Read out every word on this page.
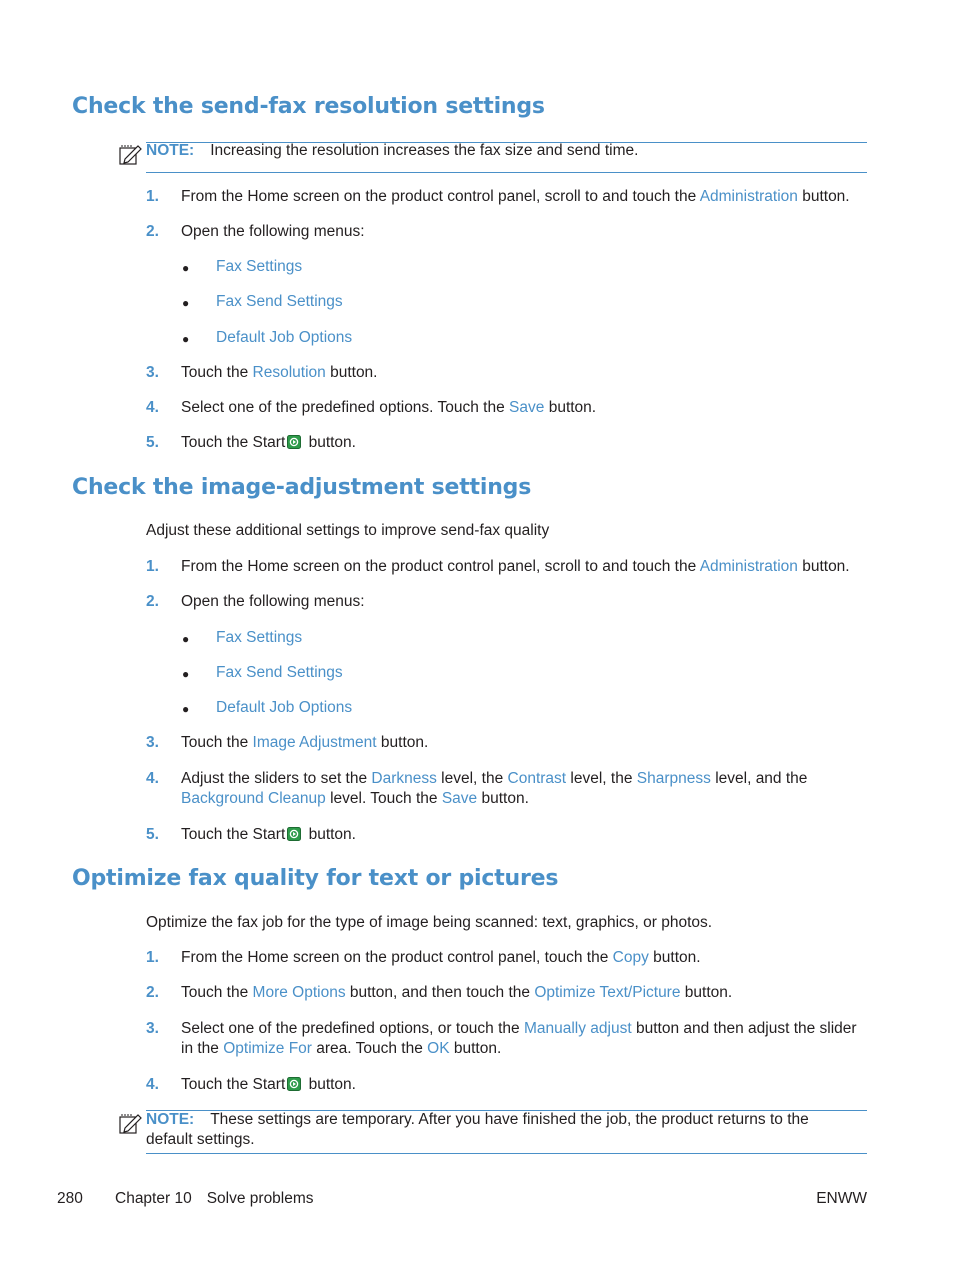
Check the send-fax resolution settings
NOTE: Increasing the resolution increases the fax size and send time.
1. From the Home screen on the product control panel, scroll to and touch the Administration button.
2. Open the following menus:
● Fax Settings
● Fax Send Settings
● Default Job Options
3. Touch the Resolution button.
4. Select one of the predefined options. Touch the Save button.
5. Touch the Start button.
Check the image-adjustment settings
Adjust these additional settings to improve send-fax quality
1. From the Home screen on the product control panel, scroll to and touch the Administration button.
2. Open the following menus:
● Fax Settings
● Fax Send Settings
● Default Job Options
3. Touch the Image Adjustment button.
4. Adjust the sliders to set the Darkness level, the Contrast level, the Sharpness level, and the
Background Cleanup level. Touch the Save button.
5. Touch the Start button.
Optimize fax quality for text or pictures
Optimize the fax job for the type of image being scanned: text, graphics, or photos.
1. From the Home screen on the product control panel, touch the Copy button.
2. Touch the More Options button, and then touch the Optimize Text/Picture button.
3. Select one of the predefined options, or touch the Manually adjust button and then adjust the slider in the Optimize For area. Touch the OK button.
4. Touch the Start button.
NOTE: These settings are temporary. After you have finished the job, the product returns to the default settings.
280 Chapter 10 Solve problems	ENWW
